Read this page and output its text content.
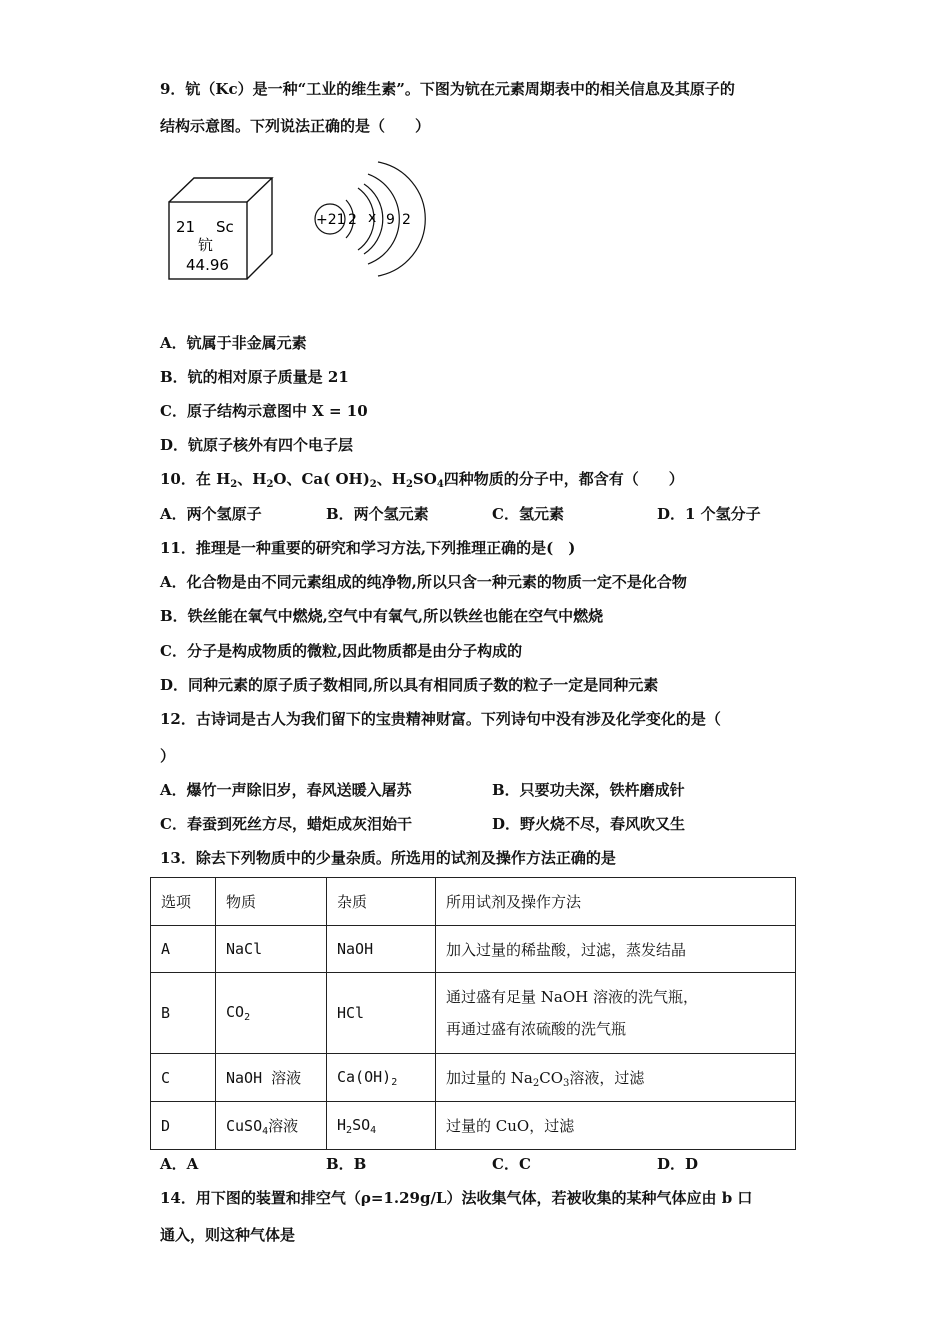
9．钪（Kc）是一种“工业的维生素”。下图为钪在元素周期表中的相关信息及其原子的
结构示意图。下列说法正确的是（　　）
21 Sc
钪
44.96
+21 2 x 9 2
A．钪属于非金属元素
B．钪的相对原子质量是 21
C．原子结构示意图中 X = 10
D．钪原子核外有四个电子层
10．在 $H_2$、$H_2O$、Ca( $OH)_2$、$H_2SO_4$四种物质的分子中，都含有（　　）
A．两个氢原子	B．两个氢元素	C．氢元素	D．1 个氢分子
11．推理是一种重要的研究和学习方法,下列推理正确的是(　)
A．化合物是由不同元素组成的纯净物,所以只含一种元素的物质一定不是化合物
B．铁丝能在氧气中燃烧,空气中有氧气,所以铁丝也能在空气中燃烧
C．分子是构成物质的微粒,因此物质都是由分子构成的
D．同种元素的原子质子数相同,所以具有相同质子数的粒子一定是同种元素
12．古诗词是古人为我们留下的宝贵精神财富。下列诗句中没有涉及化学变化的是（
）
A．爆竹一声除旧岁，春风送暖入屠苏	B．只要功夫深，铁杵磨成针
C．春蚕到死丝方尽，蜡炬成灰泪始干	D．野火烧不尽，春风吹又生
13．除去下列物质中的少量杂质。所选用的试剂及操作方法正确的是
选项	物质	杂质	所用试剂及操作方法
A	NaCl	NaOH	加入过量的稀盐酸，过滤，蒸发结晶
B	$CO_2$	HCl	通过盛有足量 NaOH 溶液的洗气瓶，
再通过盛有浓硫酸的洗气瓶

C	NaOH 溶液	$Ca(OH)_2$	加过量的 $Na_2CO_3$溶液，过滤
D	CuSO$_4$溶液	$H_2SO_4$	过量的 CuO，过滤
A．A	B．B	C．C	D．D
14．用下图的装置和排空气（ρ=1.29g/L）法收集气体，若被收集的某种气体应由 b 口
通入，则这种气体是
